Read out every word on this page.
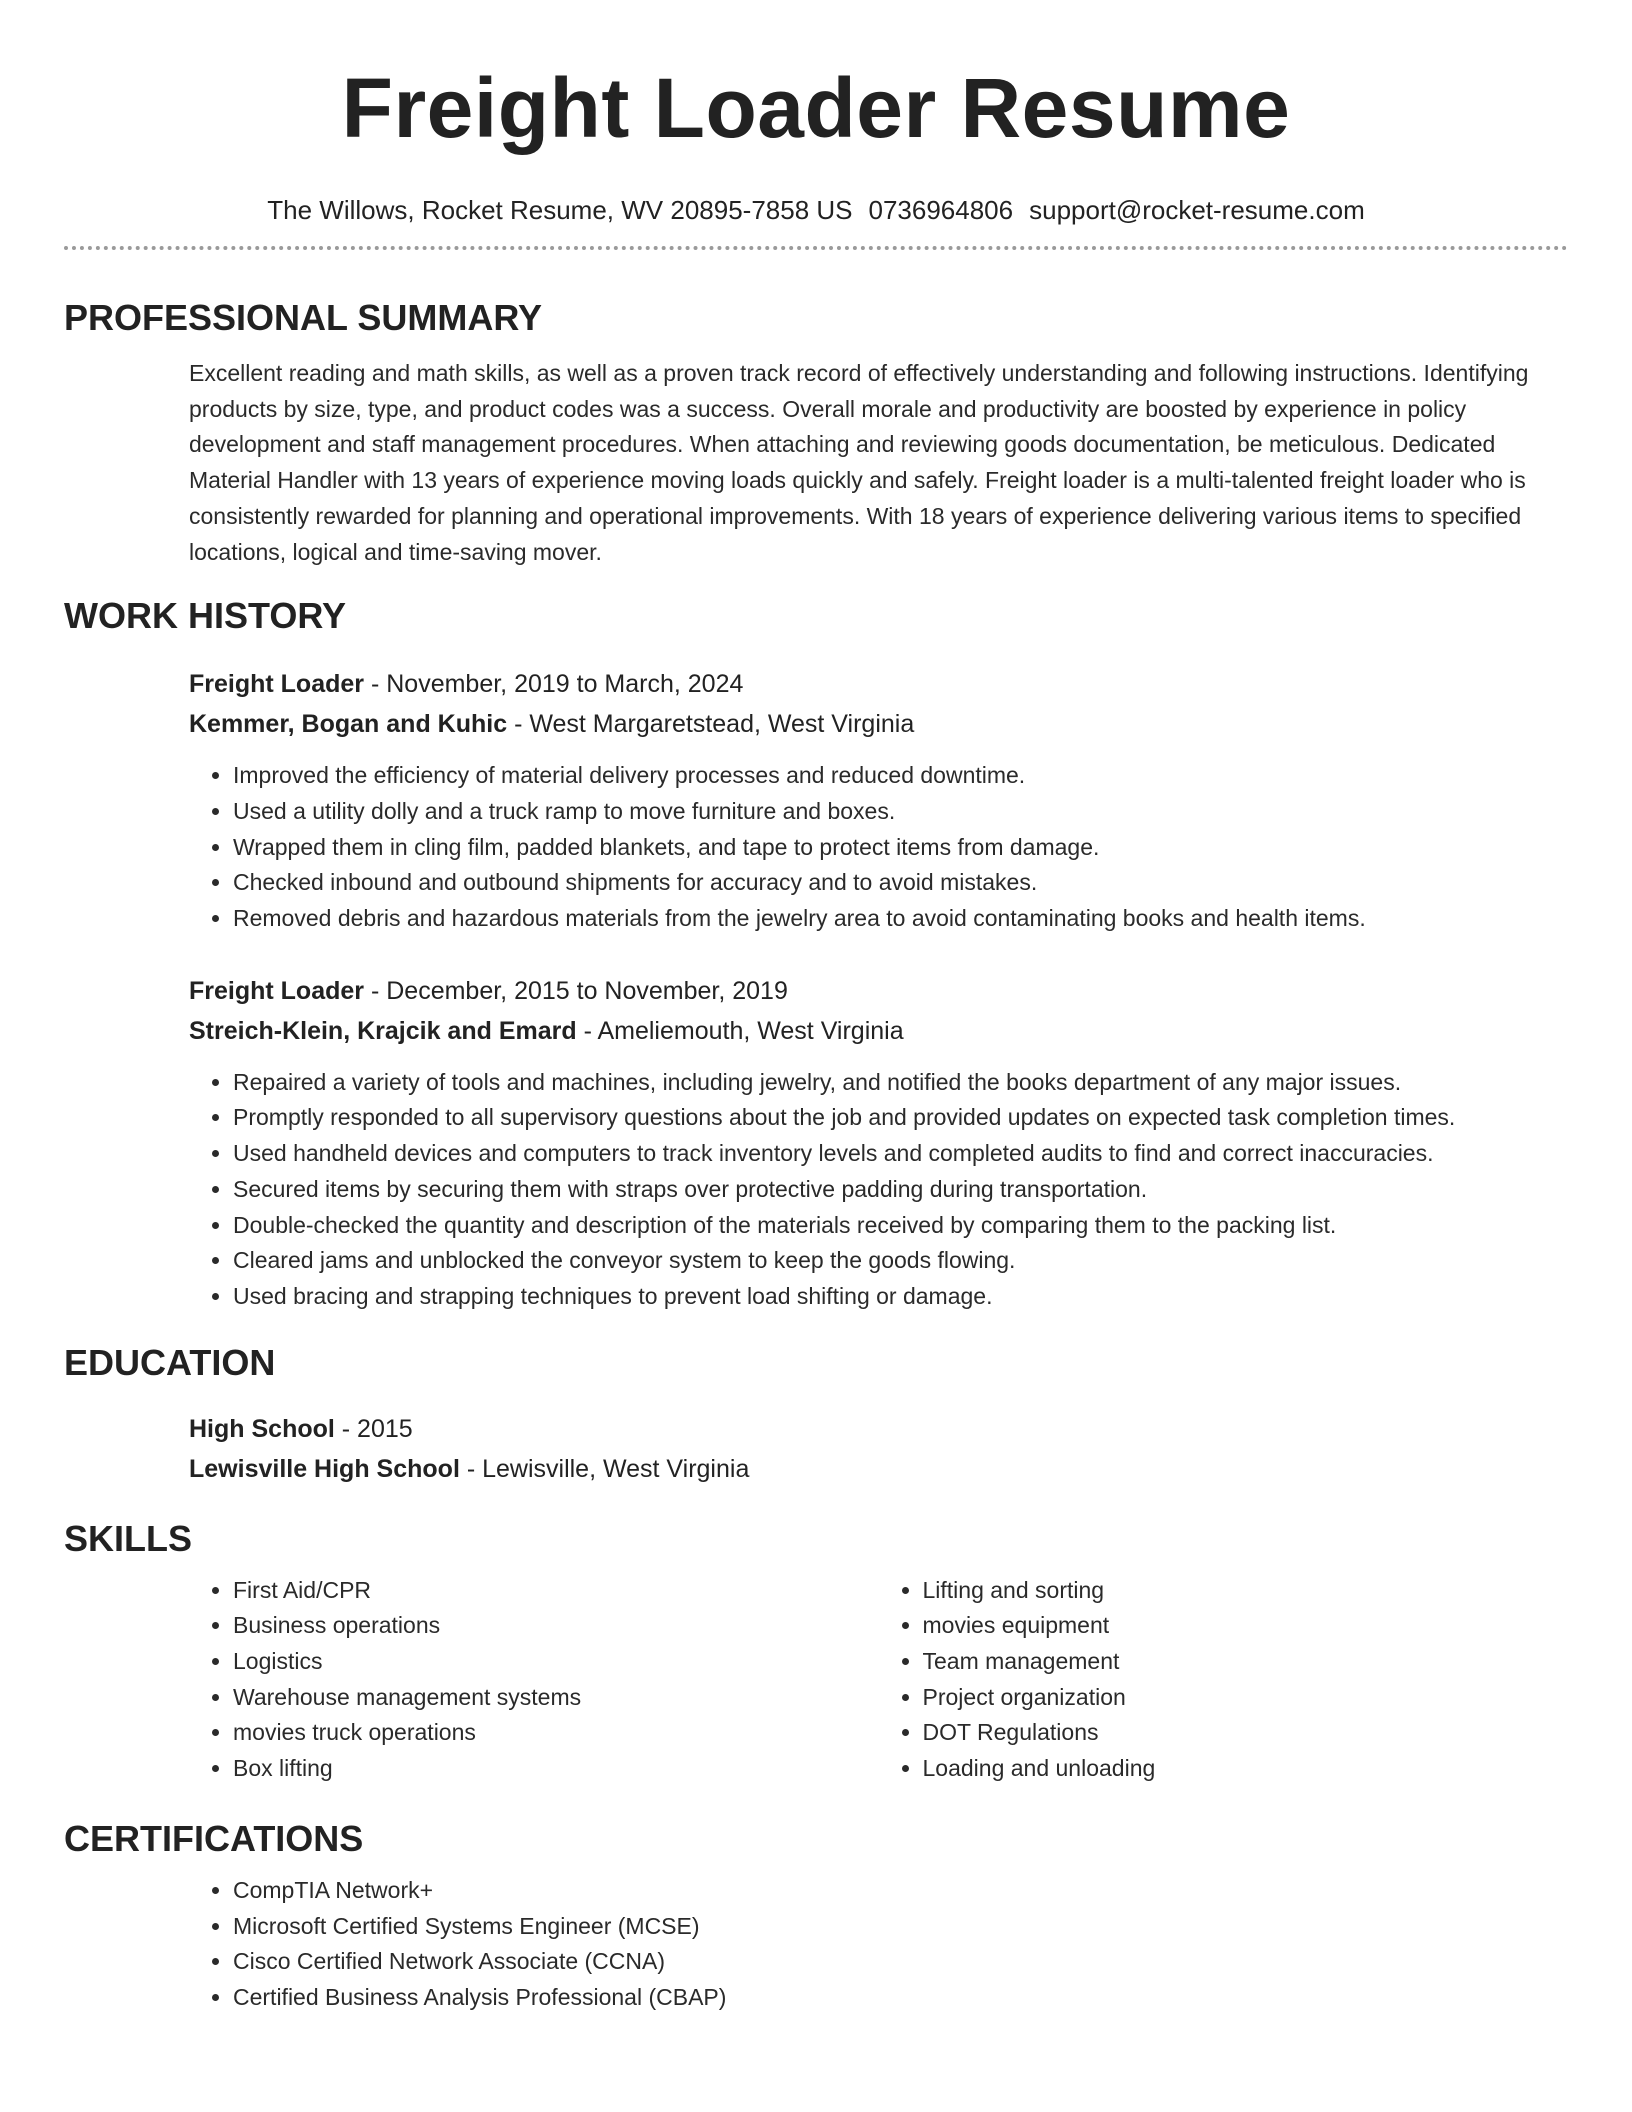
Freight Loader Resume
The Willows, Rocket Resume, WV 20895-7858 US 0736964806 support@rocket-resume.com
PROFESSIONAL SUMMARY

Excellent reading and math skills, as well as a proven track record of effectively understanding and following instructions. Identifying products by size, type, and product codes was a success. Overall morale and productivity are boosted by experience in policy development and staff management procedures. When attaching and reviewing goods documentation, be meticulous. Dedicated Material Handler with 13 years of experience moving loads quickly and safely. Freight loader is a multi-talented freight loader who is consistently rewarded for planning and operational improvements. With 18 years of experience delivering various items to specified locations, logical and time-saving mover.

WORK HISTORY
Freight Loader - November, 2019 to March, 2024
Kemmer, Bogan and Kuhic - West Margaretstead, West Virginia
• Improved the efficiency of material delivery processes and reduced downtime.
• Used a utility dolly and a truck ramp to move furniture and boxes.
• Wrapped them in cling film, padded blankets, and tape to protect items from damage.
• Checked inbound and outbound shipments for accuracy and to avoid mistakes.
• Removed debris and hazardous materials from the jewelry area to avoid contaminating books and health items.
Freight Loader - December, 2015 to November, 2019
Streich-Klein, Krajcik and Emard - Ameliemouth, West Virginia
• Repaired a variety of tools and machines, including jewelry, and notified the books department of any major issues.
• Promptly responded to all supervisory questions about the job and provided updates on expected task completion times.
• Used handheld devices and computers to track inventory levels and completed audits to find and correct inaccuracies.
• Secured items by securing them with straps over protective padding during transportation.
• Double-checked the quantity and description of the materials received by comparing them to the packing list.
• Cleared jams and unblocked the conveyor system to keep the goods flowing.
• Used bracing and strapping techniques to prevent load shifting or damage.
EDUCATION
High School - 2015
Lewisville High School - Lewisville, West Virginia
SKILLS
• First Aid/CPR
• Business operations
• Logistics
• Warehouse management systems
• movies truck operations
• Box lifting
• Lifting and sorting
• movies equipment
• Team management
• Project organization
• DOT Regulations
• Loading and unloading
CERTIFICATIONS
• CompTIA Network+
• Microsoft Certified Systems Engineer (MCSE)
• Cisco Certified Network Associate (CCNA)
• Certified Business Analysis Professional (CBAP)
